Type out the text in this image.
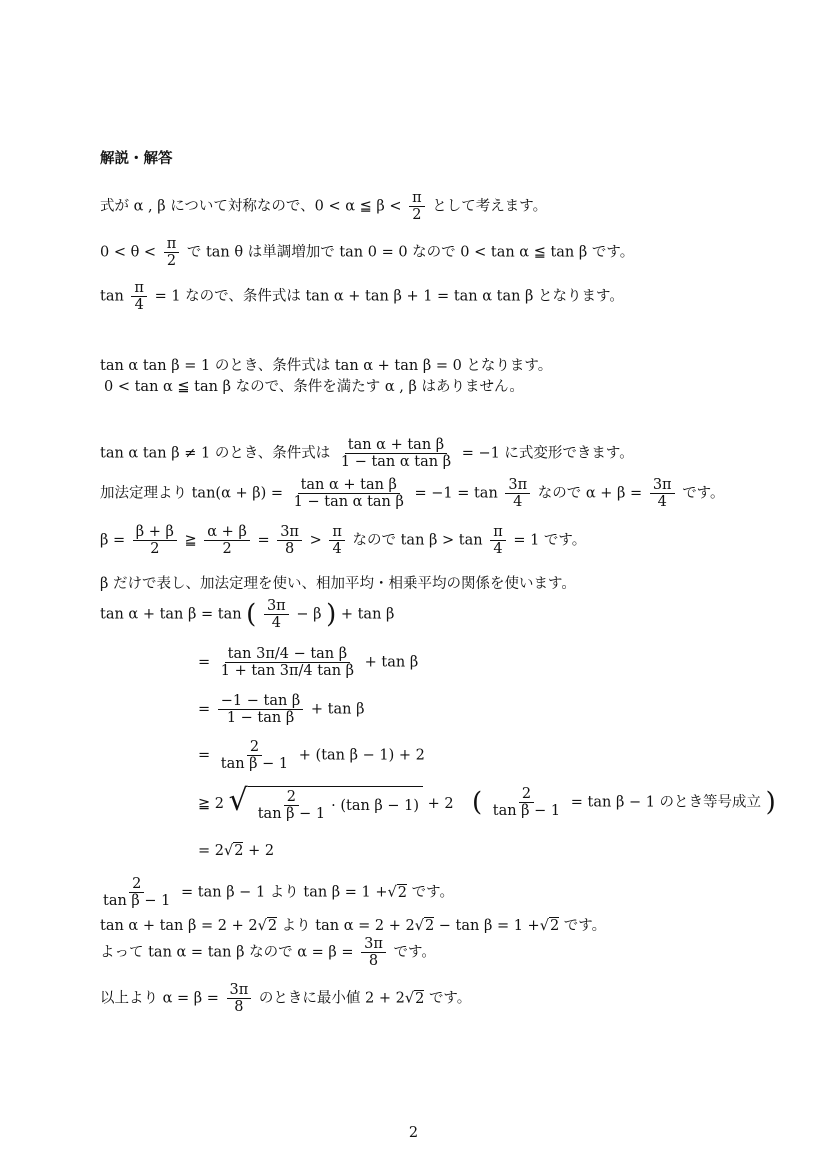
解説・解答
式が α , β について対称なので、0 < α ≦ $\beta < \frac{\pi}{2}$ として考えます。
$0 < \theta < \frac{\pi}{2}$ で tan θ は単調増加で tan 0 = 0 なので 0 < tan α ≦ tan β です。
$\tan \frac{\pi}{4} = 1$ なので、条件式は tan α + tan β + 1 = tan α tan β となります。
tan α tan β = 1 のとき、条件式は tan α + tan β = 0 となります。
0 < tan α ≦ tan β なので、条件を満たす α , β はありません。
tan α tan β ≠ 1 のとき、条件式は $\frac{\text{tan α + tan β}}{\text{1 − tan α tan β}} = -1$ に式変形できます。
加法定理より $\tan(\alpha + \beta) = \frac{\text{tan α + tan β}}{\text{1 − tan α tan β}} = -1 = \tan \frac{3\pi}{4}$ なので $\alpha + \beta = \frac{3\pi}{4}$ です。
$\beta = \frac{\beta + \beta}{2}$ ≧ $\frac{\alpha + \beta}{2} = \frac{3\pi}{8} > \frac{\pi}{4}$ なので $\tan \beta > \tan \frac{\pi}{4} = 1$ です。
β だけで表し、加法定理を使い、相加平均・相乗平均の関係を使います。
tan α + tan β = tan ( $\frac{3\pi}{4} - \beta$ ) + tan β
= $\frac{\text{tan 3π/4 − tan β}}{\text{1 + tan 3π/4 tan β}} + \tan \beta$
= $\frac{\text{−1 − tan β}}{\text{1 − tan β}} + \tan \beta$
= $\frac{2}{\text{tan β − 1}} + (\tan$ β − 1) + 2
≧ 2 √ $\frac{2}{\text{tan β − 1}} \cdot (\tan$ β − 1) + 2 ( $\frac{2}{\text{tan β − 1}} = \tan \beta - 1$ のとき等号成立 )
= 2√2 + 2
$\frac{2}{\text{tan β − 1}} = \tan \beta - 1$ より tan β = 1 +√2 です。
tan α + tan β = 2 + 2√2 より tan α = 2 + 2√2 − tan β = 1 +√2 です。
よって tan α = tan β なので $\alpha = \beta = \frac{3\pi}{8}$ です。
以上より $\alpha = \beta = \frac{3\pi}{8}$ のときに最小値 2 + 2√2 です。
2
